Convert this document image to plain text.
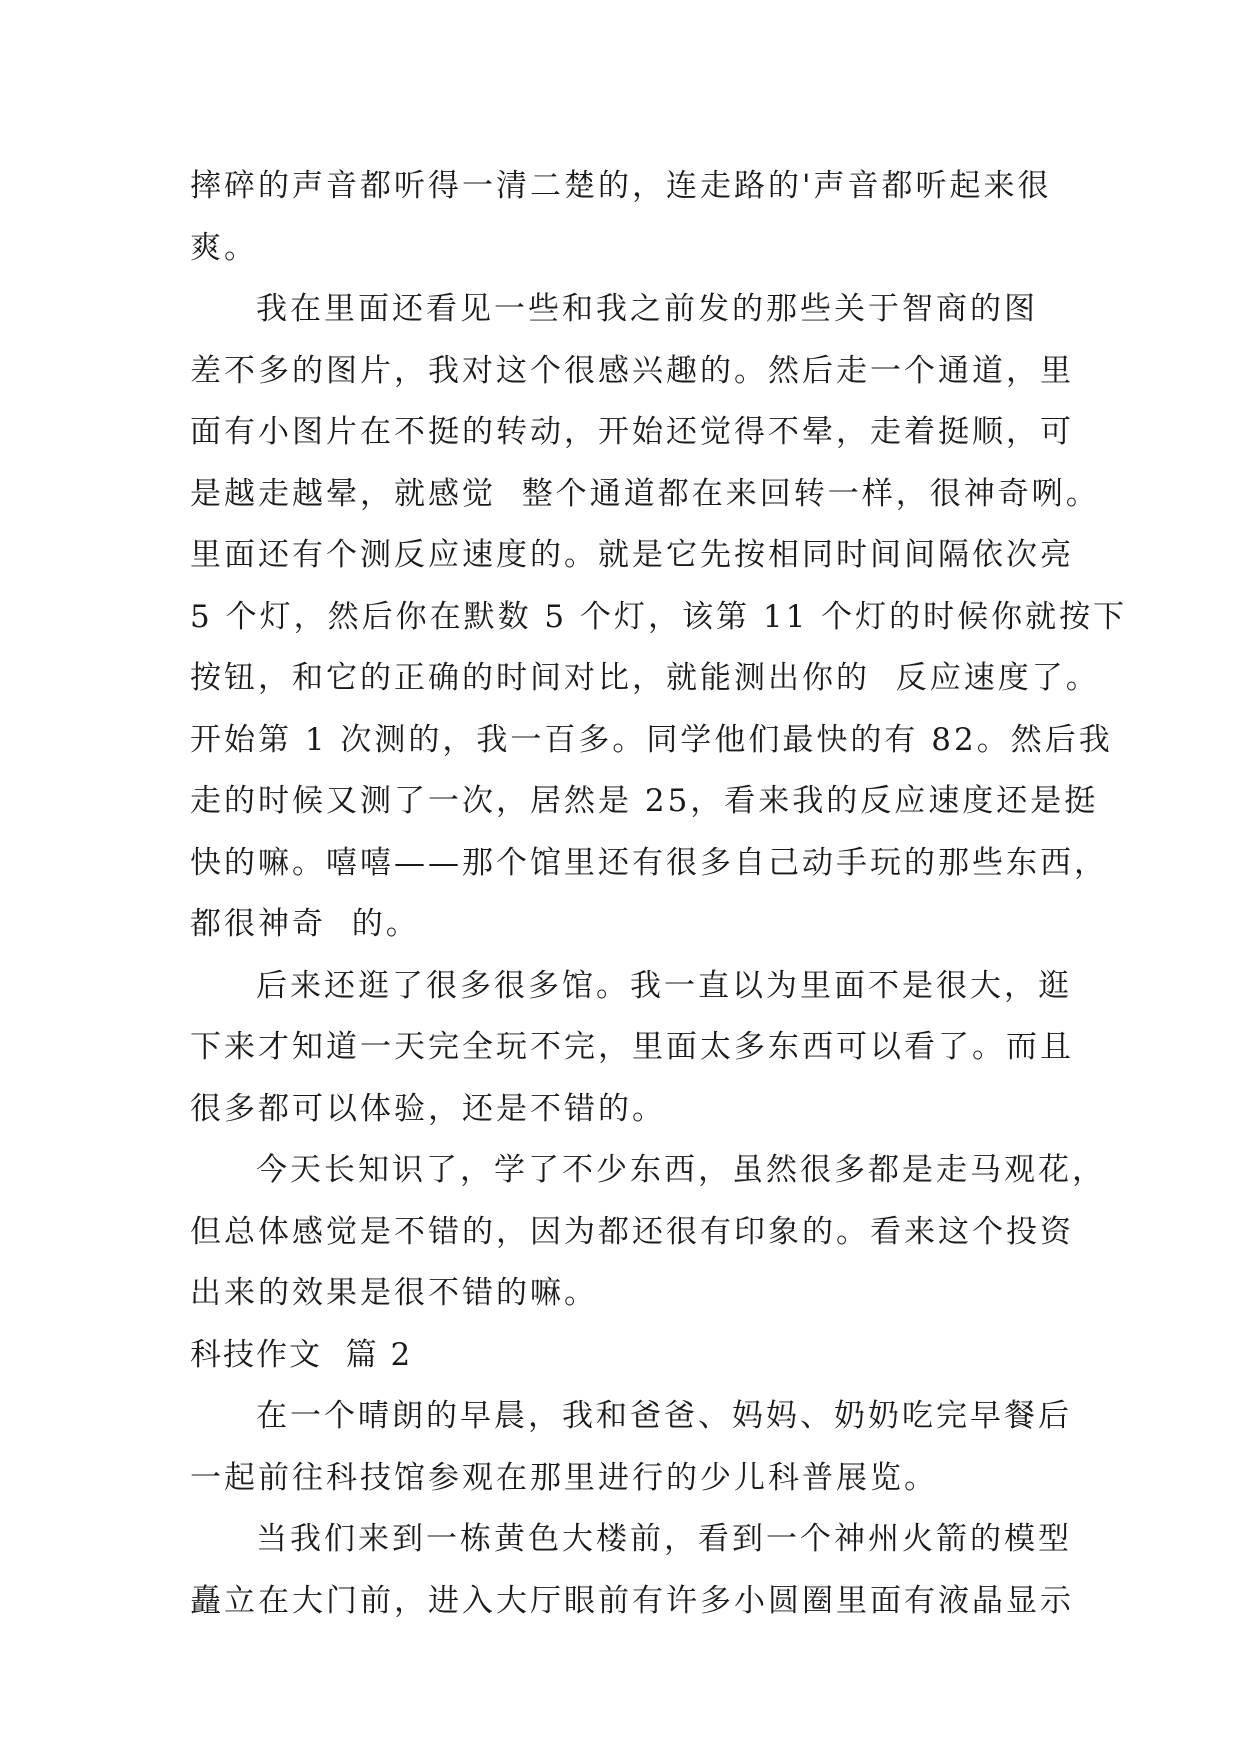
摔碎的声音都听得一清二楚的，连走路的'声音都听起来很
爽。
我在里面还看见一些和我之前发的那些关于智商的图
差不多的图片，我对这个很感兴趣的。然后走一个通道，里
面有小图片在不挺的转动，开始还觉得不晕，走着挺顺，可
是越走越晕，就感觉  整个通道都在来回转一样，很神奇咧。
里面还有个测反应速度的。就是它先按相同时间间隔依次亮
5 个灯，然后你在默数 5 个灯，该第 11 个灯的时候你就按下
按钮，和它的正确的时间对比，就能测出你的  反应速度了。
开始第 1 次测的，我一百多。同学他们最快的有 82。然后我
走的时候又测了一次，居然是 25，看来我的反应速度还是挺
快的嘛。嘻嘻——那个馆里还有很多自己动手玩的那些东西，
都很神奇  的。
后来还逛了很多很多馆。我一直以为里面不是很大，逛
下来才知道一天完全玩不完，里面太多东西可以看了。而且
很多都可以体验，还是不错的。
今天长知识了，学了不少东西，虽然很多都是走马观花，
但总体感觉是不错的，因为都还很有印象的。看来这个投资
出来的效果是很不错的嘛。
科技作文  篇 2
在一个晴朗的早晨，我和爸爸、妈妈、奶奶吃完早餐后
一起前往科技馆参观在那里进行的少儿科普展览。
当我们来到一栋黄色大楼前，看到一个神州火箭的模型
矗立在大门前，进入大厅眼前有许多小圆圈里面有液晶显示
